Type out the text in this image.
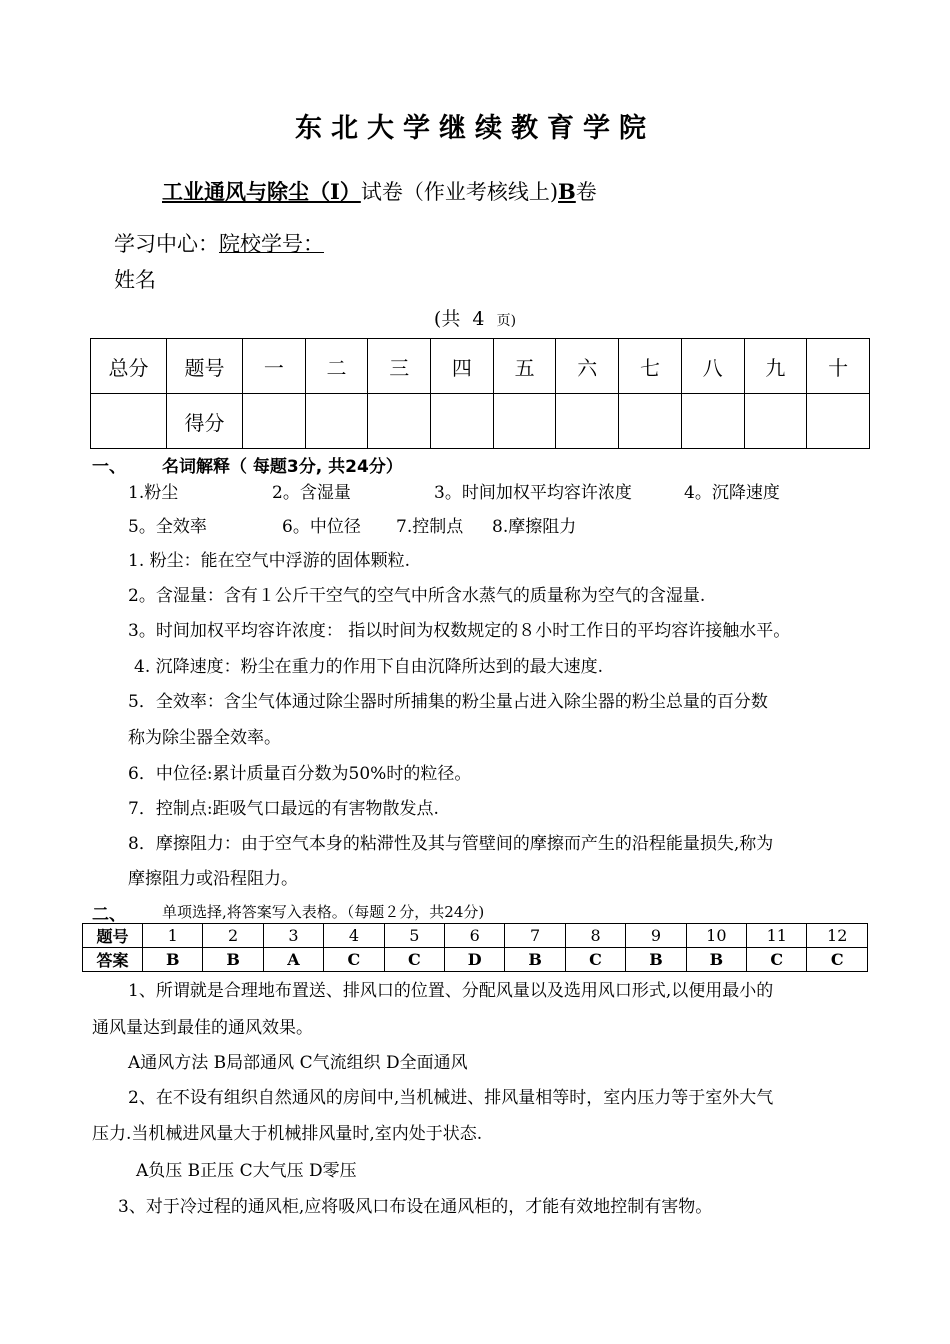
东北大学继续教育学院
工业通风与除尘（I）试卷（作业考核线上)B卷
学习中心：院校学号：
姓名
(共 4 页)
总分	题号	一	二	三	四	五	六	七	八	九	十
	得分										
一、 名词解释（ 每题3分, 共24分）
1.粉尘	2。含湿量	3。时间加权平均容许浓度	4。沉降速度
5。全效率	6。中位径 7.控制点 8.摩擦阻力
1. 粉尘：能在空气中浮游的固体颗粒.
2。含湿量：含有１公斤干空气的空气中所含水蒸气的质量称为空气的含湿量.
3。时间加权平均容许浓度： 指以时间为权数规定的８小时工作日的平均容许接触水平。
4. 沉降速度：粉尘在重力的作用下自由沉降所达到的最大速度.
5．全效率：含尘气体通过除尘器时所捕集的粉尘量占进入除尘器的粉尘总量的百分数
称为除尘器全效率。
6．中位径:累计质量百分数为50%时的粒径。
7．控制点:距吸气口最远的有害物散发点.
8．摩擦阻力：由于空气本身的粘滞性及其与管壁间的摩擦而产生的沿程能量损失,称为
摩擦阻力或沿程阻力。
二、 单项选择,将答案写入表格。（每题２分，共24分)
题号	1	2	3	4	5	6	7	8	9	10	11	12
答案	B	B	A	C	C	D	B	C	B	B	C	C
1、所谓就是合理地布置送、排风口的位置、分配风量以及选用风口形式,以便用最小的
通风量达到最佳的通风效果。
A通风方法 B局部通风 C气流组织 D全面通风
2、在不设有组织自然通风的房间中,当机械进、排风量相等时，室内压力等于室外大气
压力.当机械进风量大于机械排风量时,室内处于状态.
A负压 B正压 C大气压 D零压
3、对于冷过程的通风柜,应将吸风口布设在通风柜的，才能有效地控制有害物。
